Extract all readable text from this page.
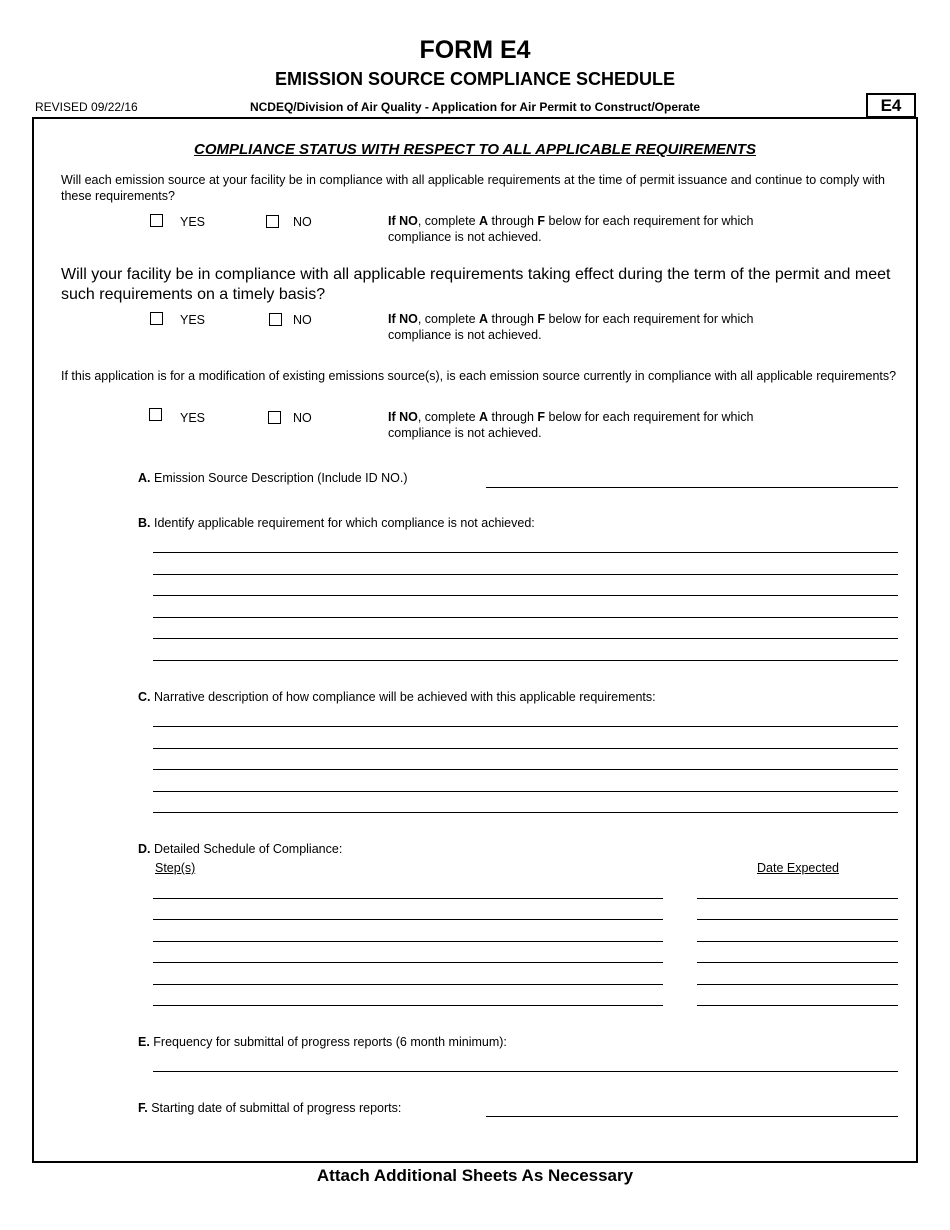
FORM E4
EMISSION SOURCE COMPLIANCE SCHEDULE
REVISED 09/22/16	NCDEQ/Division of Air Quality - Application for Air Permit to Construct/Operate	E4
COMPLIANCE STATUS WITH RESPECT TO ALL APPLICABLE REQUIREMENTS
Will each emission source at your facility be in compliance with all applicable requirements at the time of permit issuance and continue to comply with these requirements?
YES	NO	If NO, complete A through F below for each requirement for which compliance is not achieved.
Will your facility be in compliance with all applicable requirements taking effect during the term of the permit and meet such requirements on a timely basis?
YES	NO	If NO, complete A through F below for each requirement for which compliance is not achieved.
If this application is for a modification of existing emissions source(s), is each emission source currently in compliance with all applicable requirements?
YES	NO	If NO, complete A through F below for each requirement for which compliance is not achieved.
A. Emission Source Description (Include ID NO.)
B. Identify applicable requirement for which compliance is not achieved:
C. Narrative description of how compliance will be achieved with this applicable requirements:
D. Detailed Schedule of Compliance:
Step(s)	Date Expected
E. Frequency for submittal of progress reports (6 month minimum):
F. Starting date of submittal of progress reports:
Attach Additional Sheets As Necessary
